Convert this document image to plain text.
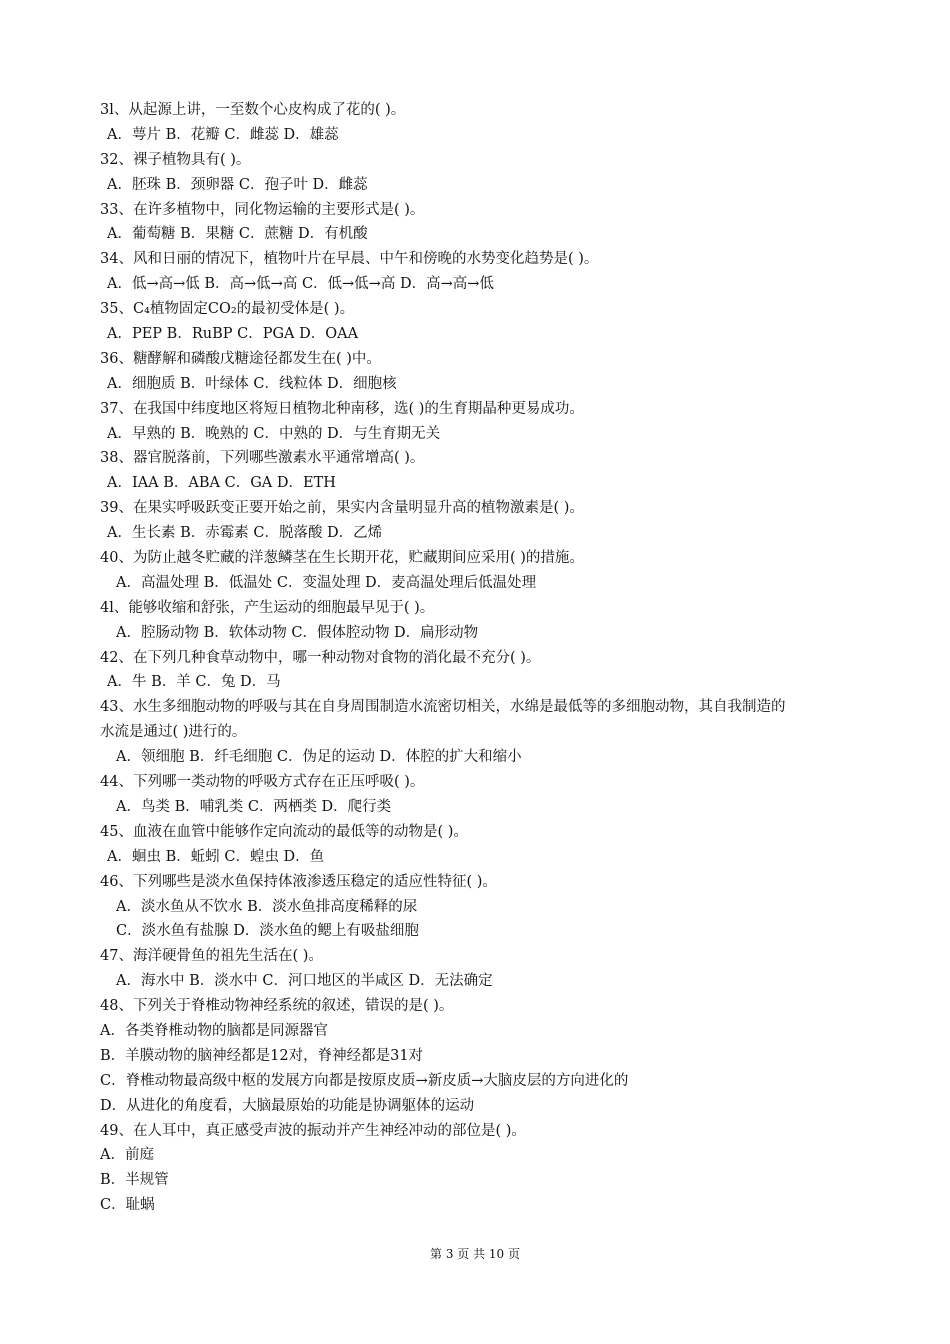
3l、从起源上讲，一至数个心皮构成了花的( )。
A．萼片 B．花瓣 C．雌蕊 D．雄蕊
32、裸子植物具有( )。
A．胚珠 B．颈卵器 C．孢子叶 D．雌蕊
33、在许多植物中，同化物运输的主要形式是( )。
A．葡萄糖 B．果糖 C．蔗糖 D．有机酸
34、风和日丽的情况下，植物叶片在早晨、中午和傍晚的水势变化趋势是( )。
A．低→高→低 B．高→低→高 C．低→低→高 D．高→高→低
35、C₄植物固定CO₂的最初受体是( )。
A．PEP B．RuBP C．PGA D．OAA
36、糖酵解和磷酸戊糖途径都发生在( )中。
A．细胞质 B．叶绿体 C．线粒体 D．细胞核
37、在我国中纬度地区将短日植物北种南移，选( )的生育期晶种更易成功。
A．早熟的 B．晚熟的 C．中熟的 D．与生育期无关
38、器官脱落前，下列哪些激素水平通常增高( )。
A．IAA B．ABA C．GA D．ETH
39、在果实呼吸跃变正要开始之前，果实内含量明显升高的植物激素是( )。
A．生长素 B．赤霉素 C．脱落酸 D．乙烯
40、为防止越冬贮藏的洋葱鳞茎在生长期开花，贮藏期间应采用( )的措施。
A．高温处理 B．低温处 C．变温处理 D．麦高温处理后低温处理
4l、能够收缩和舒张，产生运动的细胞最早见于( )。
A．腔肠动物 B．软体动物 C．假体腔动物 D．扁形动物
42、在下列几种食草动物中，哪一种动物对食物的消化最不充分( )。
A．牛 B．羊 C．兔 D．马
43、水生多细胞动物的呼吸与其在自身周围制造水流密切相关，水绵是最低等的多细胞动物，其自我制造的
水流是通过( )进行的。
A．领细胞 B．纤毛细胞 C．伪足的运动 D．体腔的扩大和缩小
44、下列哪一类动物的呼吸方式存在正压呼吸( )。
A．鸟类 B．哺乳类 C．两栖类 D．爬行类
45、血液在血管中能够作定向流动的最低等的动物是( )。
A．蛔虫 B．蚯蚓 C．蝗虫 D．鱼
46、下列哪些是淡水鱼保持体液渗透压稳定的适应性特征( )。
A．淡水鱼从不饮水 B．淡水鱼排高度稀释的尿
C．淡水鱼有盐腺 D．淡水鱼的鳃上有吸盐细胞
47、海洋硬骨鱼的祖先生活在( )。
A．海水中 B．淡水中 C．河口地区的半咸区 D．无法确定
48、下列关于脊椎动物神经系统的叙述，错误的是( )。
A．各类脊椎动物的脑都是同源器官
B．羊膜动物的脑神经都是12对，脊神经都是31对
C．脊椎动物最高级中枢的发展方向都是按原皮质→新皮质→大脑皮层的方向进化的
D．从进化的角度看，大脑最原始的功能是协调躯体的运动
49、在人耳中，真正感受声波的振动并产生神经冲动的部位是( )。
A．前庭
B．半规管
C．耻蜗
第 3 页 共 10 页
